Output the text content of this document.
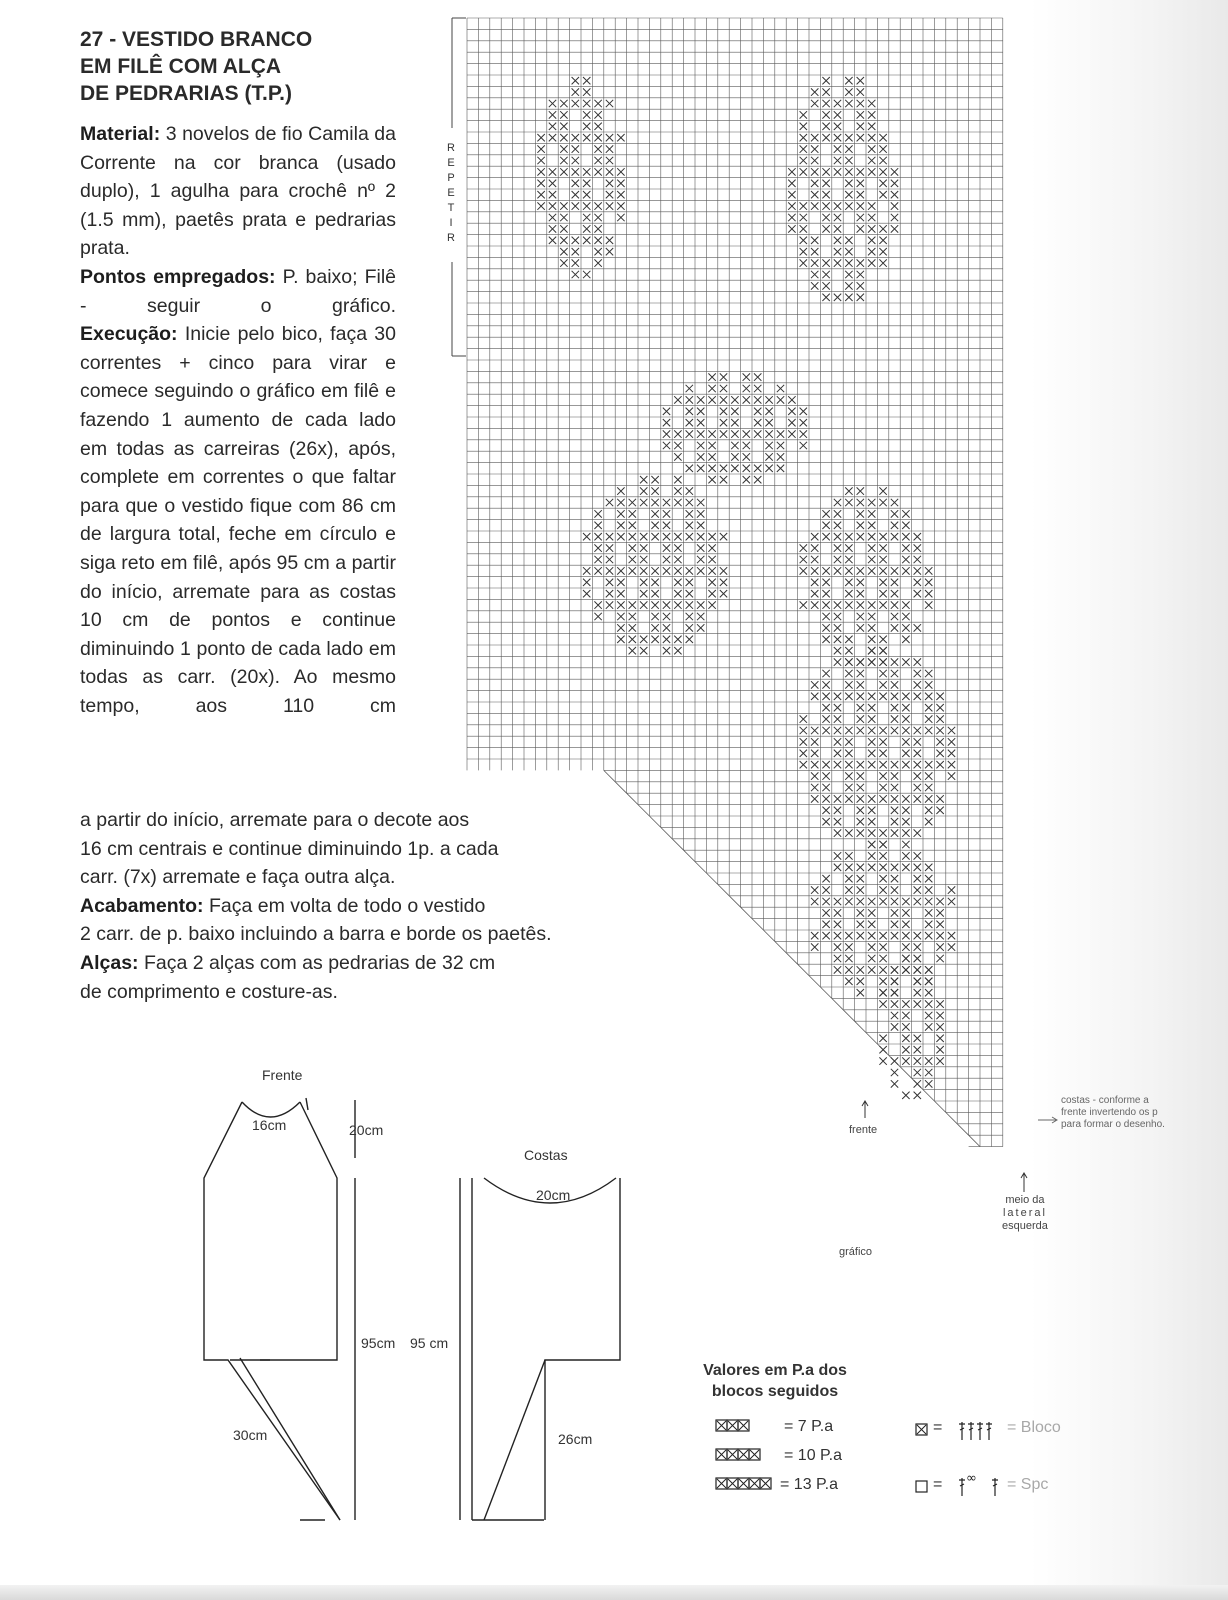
27 - VESTIDO BRANCO
EM FILÊ COM ALÇA
DE PEDRARIAS (T.P.)

Material: 3 novelos de fio Camila da Corrente na cor branca (usado duplo), 1 agulha para crochê nº 2 (1.5 mm), paetês prata e pedrarias prata.

Pontos empregados: P. baixo; Filê - seguir o gráfico.

Execução: Inicie pelo bico, faça 30 correntes + cinco para virar e comece seguindo o gráfico em filê e fazendo 1 aumento de cada lado em todas as carreiras (26x), após, complete em correntes o que faltar para que o vestido fique com 86 cm de largura total, feche em círculo e siga reto em filê, após 95 cm a partir do início, arremate para as costas 10 cm de pontos e continue diminuindo 1 ponto de cada lado em todas as carr. (20x). Ao mesmo tempo, aos 110 cm

a partir do início, arremate para o decote aos
16 cm centrais e continue diminuindo 1p. a cada
carr. (7x) arremate e faça outra alça.
Acabamento: Faça em volta de todo o vestido
2 carr. de p. baixo incluindo a barra e borde os paetês.
Alças: Faça 2 alças com as pedrarias de 32 cm
de comprimento e costure-as.
R
E
P
E
T
I
R
Frente
16cm	20cm
95cm
30cm
Costas
20cm
95 cm
26cm
∞
frente
meio da
lateral
esquerda
costas - conforme a
frente invertendo os p
para formar o desenho.
gráfico
Valores em P.a dos
blocos seguidos
= 7 P.a
= 10 P.a
= 13 P.a
= Bloco
= Spc
=
=
